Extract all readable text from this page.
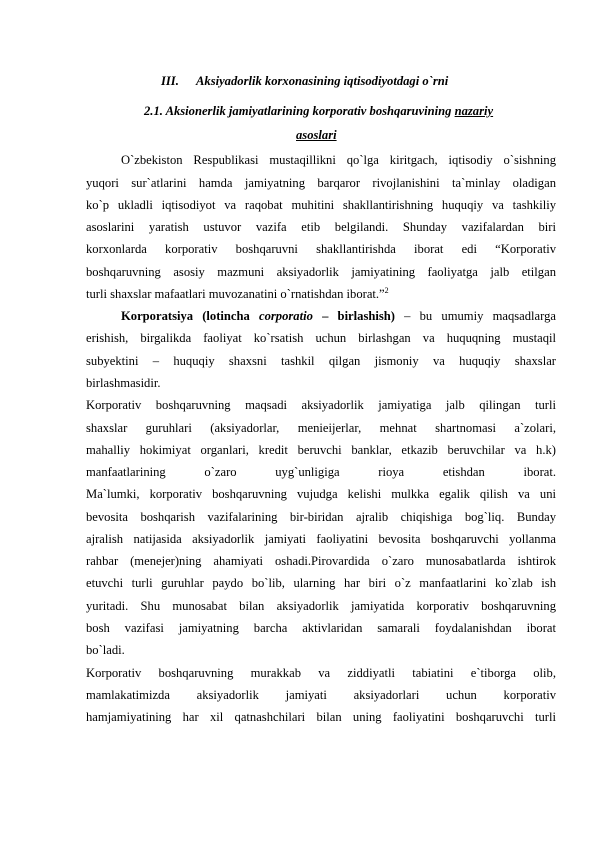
III. Aksiyadorlik korxonasining iqtisodiyotdagi o`rni
2.1. Aksionerlik jamiyatlarining korporativ boshqaruvining nazariy
asoslari
O`zbekiston Respublikasi mustaqillikni qo`lga kiritgach, iqtisodiy o`sishning
yuqori sur`atlarini hamda jamiyatning barqaror rivojlanishini ta`minlay oladigan
ko`p ukladli iqtisodiyot va raqobat muhitini shakllantirishning huquqiy va tashkiliy
asoslarini yaratish ustuvor vazifa etib belgilandi. Shunday vazifalardan biri
korxonlarda korporativ boshqaruvni shakllantirishda iborat edi “Korporativ
boshqaruvning asosiy mazmuni aksiyadorlik jamiyatining faoliyatga jalb etilgan
turli shaxslar mafaatlari muvozanatini o`rnatishdan iborat.”$^2$
Korporatsiya (lotincha corporatio – birlashish) – bu umumiy maqsadlarga
erishish, birgalikda faoliyat ko`rsatish uchun birlashgan va huquqning mustaqil
subyektini – huquqiy shaxsni tashkil qilgan jismoniy va huquqiy shaxslar
birlashmasidir.
Korporativ boshqaruvning maqsadi aksiyadorlik jamiyatiga jalb qilingan turli
shaxslar guruhlari (aksiyadorlar, menieijerlar, mehnat shartnomasi a`zolari,
mahalliy hokimiyat organlari, kredit beruvchi banklar, etkazib beruvchilar va h.k)
manfaatlarining o`zaro uyg`unligiga rioya etishdan iborat.
Ma`lumki, korporativ boshqaruvning vujudga kelishi mulkka egalik qilish va uni
bevosita boshqarish vazifalarining bir-biridan ajralib chiqishiga bog`liq. Bunday
ajralish natijasida aksiyadorlik jamiyati faoliyatini bevosita boshqaruvchi yollanma
rahbar (menejer)ning ahamiyati oshadi.Pirovardida o`zaro munosabatlarda ishtirok
etuvchi turli guruhlar paydo bo`lib, ularning har biri o`z manfaatlarini ko`zlab ish
yuritadi. Shu munosabat bilan aksiyadorlik jamiyatida korporativ boshqaruvning
bosh vazifasi jamiyatning barcha aktivlaridan samarali foydalanishdan iborat
bo`ladi.
Korporativ boshqaruvning murakkab va ziddiyatli tabiatini e`tiborga olib,
mamlakatimizda aksiyadorlik jamiyati aksiyadorlari uchun korporativ
hamjamiyatining har xil qatnashchilari bilan uning faoliyatini boshqaruvchi turli
